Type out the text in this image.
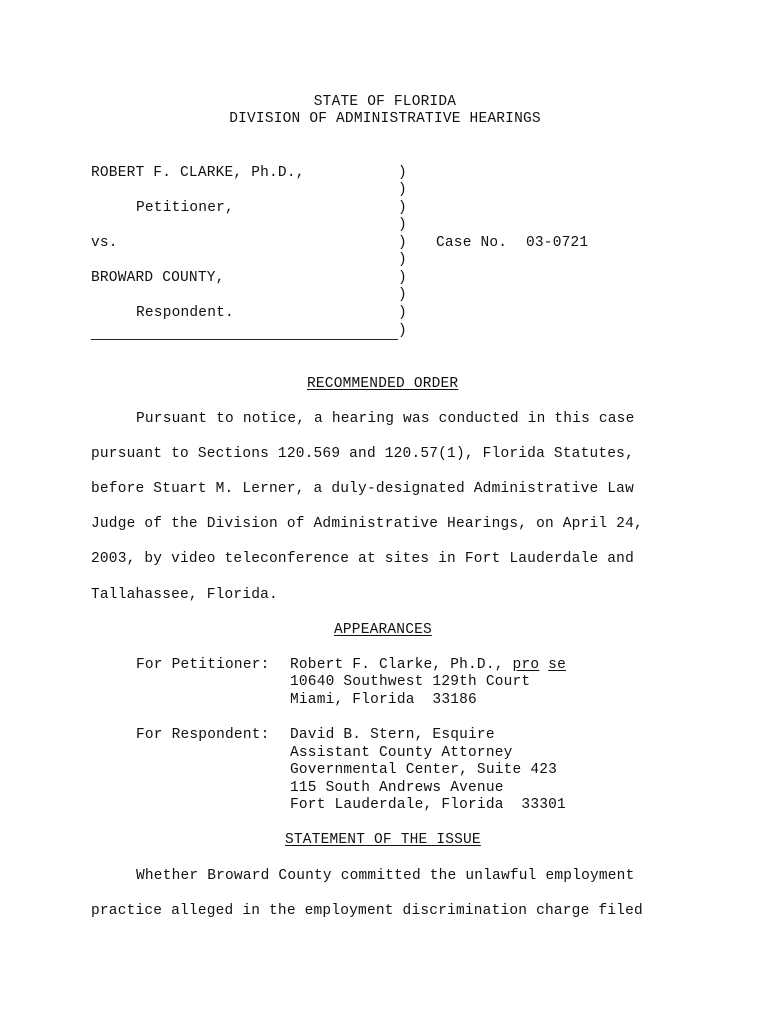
STATE OF FLORIDA
DIVISION OF ADMINISTRATIVE HEARINGS
ROBERT F. CLARKE, Ph.D.,
Petitioner,
vs.
BROWARD COUNTY,
Respondent.
)
)
)
)
)
)
)
)
)
)
Case No. 03-0721
RECOMMENDED ORDER
Pursuant to notice, a hearing was conducted in this case
pursuant to Sections 120.569 and 120.57(1), Florida Statutes,
before Stuart M. Lerner, a duly-designated Administrative Law
Judge of the Division of Administrative Hearings, on April 24,
2003, by video teleconference at sites in Fort Lauderdale and
Tallahassee, Florida.
APPEARANCES
For Petitioner: Robert F. Clarke, Ph.D., pro se
10640 Southwest 129th Court
Miami, Florida  33186
For Respondent: David B. Stern, Esquire
Assistant County Attorney
Governmental Center, Suite 423
115 South Andrews Avenue
Fort Lauderdale, Florida  33301
STATEMENT OF THE ISSUE
Whether Broward County committed the unlawful employment
practice alleged in the employment discrimination charge filed
